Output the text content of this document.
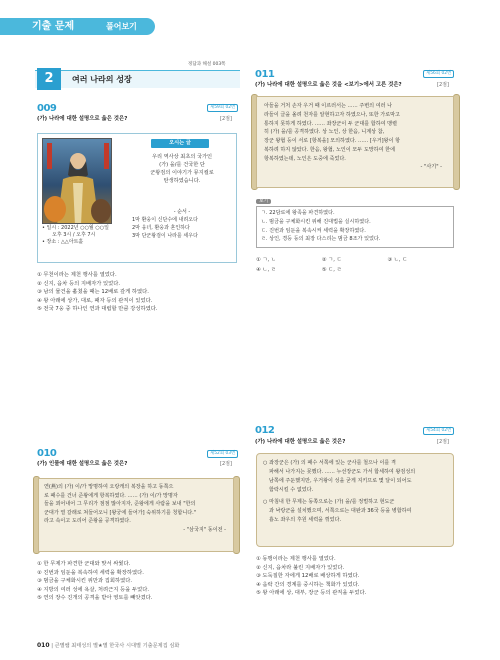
기출 문제	풀어보기
정답과 해설 003쪽
2	여러 나라의 성장
009	제59회 02번
(가) 나라에 대한 설명으로 옳은 것은?	[2점]
• 일시 : 2022년 ○○월 ○○일
오후 3시 / 오후 7시
• 장소 : △△아트홀
오시는 글
우리 역사상 최초의 국가인
(가) 을/를 건국한 단
군왕검의 이야기가 뮤지컬로
탄생하였습니다.
- 순서 -
1막 환웅이 신단수에 내려오다
2막 웅녀, 환웅과 혼인하다
3막 단군왕검이 나라를 세우다
① 무천이라는 제천 행사를 열었다.
② 신지, 읍차 등의 지배자가 있었다.
③ 남의 물건을 훔쳤을 때는 12배로 갚게 하였다.
④ 왕 아래에 상가, 대로, 패자 등의 관직이 있었다.
⑤ 전국 7웅 중 하나인 연과 대립할 만큼 강성하였다.
010	제52회 03번
(가) 인물에 대한 설명으로 옳은 것은?	[2점]
연(燕)의 (가) 이/가 망명하여 오랑캐의 복장을 하고 동쪽으
로 패수를 건너 준왕에게 항복하였다. …… (가) 이/가 망명자
들을 꾀어내어 그 무리가 점점 많아지자, 준왕에게 사람을 보내 "한의
군대가 열 갈래로 쳐들어오니 [왕궁에 들어가] 숙위하기를 청합니다."
라고 속이고 도리어 준왕을 공격하였다.
- "삼국지" 동이전 -
① 한 무제가 파견한 군대와 맞서 싸웠다.
② 진번과 임둔을 복속하여 세력을 확장하였다.
③ 범금을 구체화시킨 위만과 집회하였다.
④ 지방의 여러 성에 욕살, 처려근지 등을 두었다.
⑤ 연의 장수 진개의 공격을 받아 영토를 빼앗겼다.
011	제56회 02번
(가) 나라에 대한 설명으로 옳은 것을 <보기>에서 고른 것은?	[2점]
아들을 거처 손자 우거 때 이르러서는 …… 주변의 여러 나
라들이 글을 올려 천자를 알현하고자 하였으나, 또한 가로막고
통하지 못하게 하였다. …… 좌장군이 두 군대를 합하여 맹렬
히 (가) 을/를 공격하였다. 상 노인, 상 한음, 니계상 참,
장군 왕협 등이 서로 [항복을] 모의하였다. …… [우거]왕이 항
복하려 하지 않았다. 한음, 왕협, 노인이 모두 도망하여 한에
항복하였는데, 노인은 도중에 죽었다.
- "사기" -
보기
ㄱ. 22담로에 왕족을 파견하였다.
ㄴ. 범금을 구체화시킨 위해 진대법을 실시하였다.
ㄷ. 진번과 임둔을 복속시켜 세력을 확장하였다.
ㄹ. 상인, 경등 등의 최장 다스리는 범금 8조가 있었다.
① ㄱ, ㄴ	② ㄱ, ㄷ	③ ㄴ, ㄷ
④ ㄴ, ㄹ	⑤ ㄷ, ㄹ
012	제54회 02번
(가) 나라에 대한 설명으로 옳은 것은?	[2점]
○ 좌장군은 (가) 의 패수 서쪽에 있는 군사를 철으나 이를 격
파해서 나가지는 못했다. …… 누선장군도 가서 합세하여 왕검성의
남쪽에 주둔했지만, 우거왕이 성을 굳게 지키므로 몇 달이 되어도
함락시킬 수 없었다.
○ 마침내 한 무제는 동쪽으로는 (가) 을/를 정벌하고 현도군
과 낙랑군을 설치했으며, 서쪽으로는 대완과 36국 등을 병합하여
흉노 좌우의 후원 세력을 꺾었다.
① 동맹이라는 제천 행사를 열었다.
② 신지, 읍차라 불린 지배자가 있었다.
③ 도둑질한 자에게 12배로 배상하게 하였다.
④ 읍락 간의 경계를 중시하는 책화가 있었다.
⑤ 왕 아래에 상, 대부, 장군 등의 관직을 두었다.
010 | 큰별쌤 최태성의 별★별 한국사 시대별 기출문제집 심화
